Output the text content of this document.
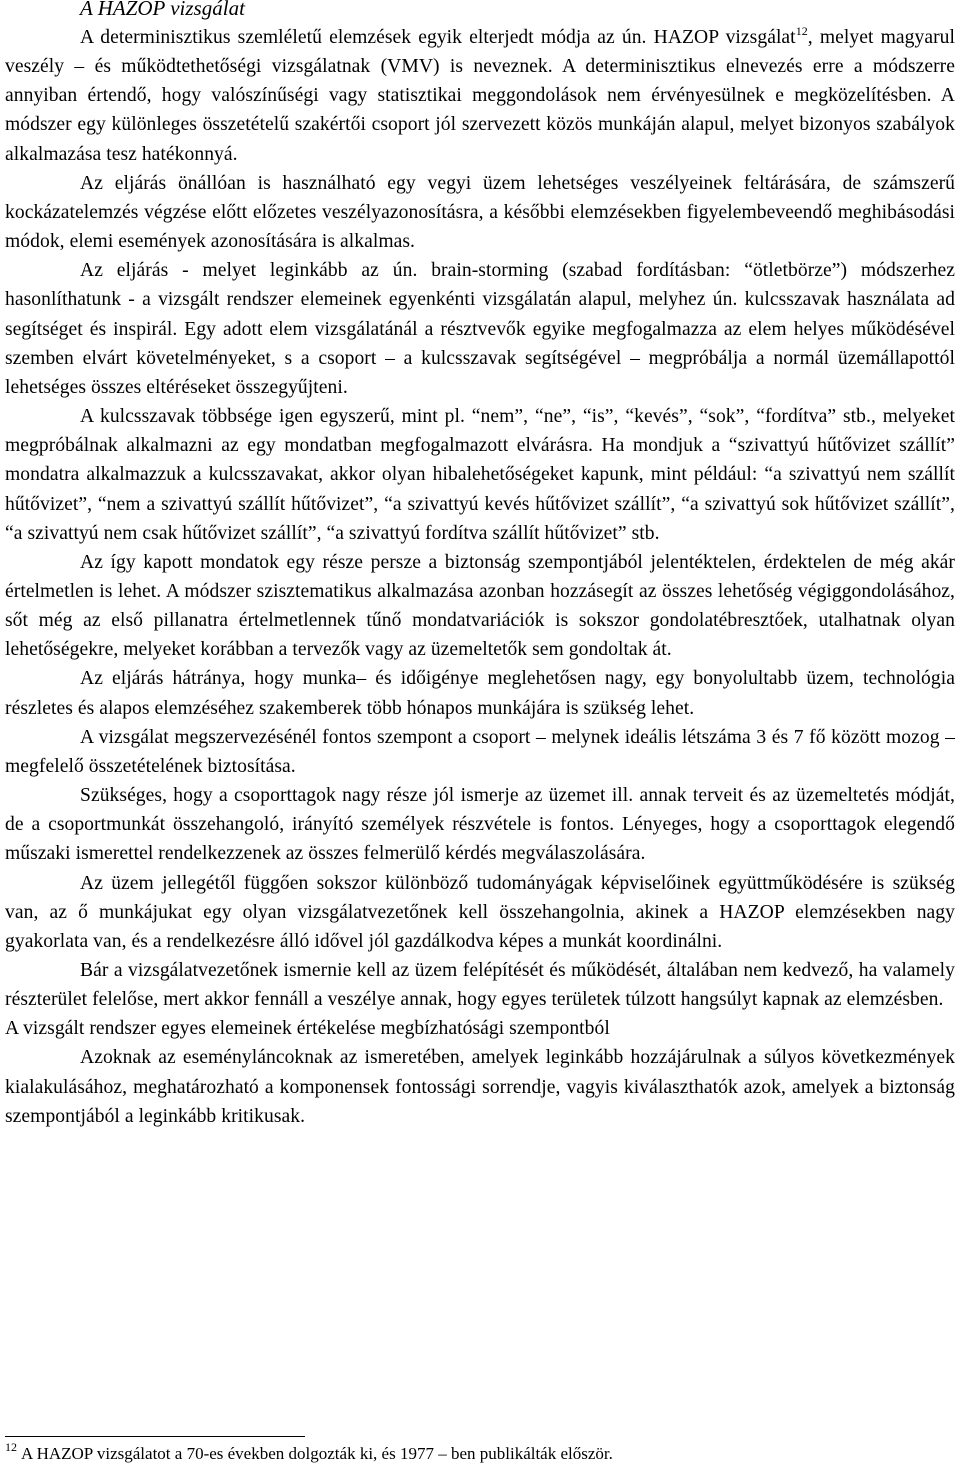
A HAZOP vizsgálat

A determinisztikus szemléletű elemzések egyik elterjedt módja az ún. HAZOP vizsgálat$^{12}$, melyet magyarul veszély – és működtethetőségi vizsgálatnak (VMV) is neveznek. A determinisztikus elnevezés erre a módszerre annyiban értendő, hogy valószínűségi vagy statisztikai meggondolások nem érvényesülnek e megközelítésben. A módszer egy különleges összetételű szakértői csoport jól szervezett közös munkáján alapul, melyet bizonyos szabályok alkalmazása tesz hatékonnyá.

Az eljárás önállóan is használható egy vegyi üzem lehetséges veszélyeinek feltárására, de számszerű kockázatelemzés végzése előtt előzetes veszélyazonosításra, a későbbi elemzésekben figyelembeveendő meghibásodási módok, elemi események azonosítására is alkalmas.

Az eljárás - melyet leginkább az ún. brain-storming (szabad fordításban: “ötletbörze”) módszerhez hasonlíthatunk - a vizsgált rendszer elemeinek egyenkénti vizsgálatán alapul, melyhez ún. kulcsszavak használata ad segítséget és inspirál. Egy adott elem vizsgálatánál a résztvevők egyike megfogalmazza az elem helyes működésével szemben elvárt követelményeket, s a csoport – a kulcsszavak segítségével – megpróbálja a normál üzemállapottól lehetséges összes eltéréseket összegyűjteni.

A kulcsszavak többsége igen egyszerű, mint pl. “nem”, “ne”, “is”, “kevés”, “sok”, “fordítva” stb., melyeket megpróbálnak alkalmazni az egy mondatban megfogalmazott elvárásra. Ha mondjuk a “szivattyú hűtővizet szállít” mondatra alkalmazzuk a kulcsszavakat, akkor olyan hibalehetőségeket kapunk, mint például: “a szivattyú nem szállít hűtővizet”, “nem a szivattyú szállít hűtővizet”, “a szivattyú kevés hűtővizet szállít”, “a szivattyú sok hűtővizet szállít”, “a szivattyú nem csak hűtővizet szállít”, “a szivattyú fordítva szállít hűtővizet” stb.

Az így kapott mondatok egy része persze a biztonság szempontjából jelentéktelen, érdektelen de még akár értelmetlen is lehet. A módszer szisztematikus alkalmazása azonban hozzásegít az összes lehetőség végiggondolásához, sőt még az első pillanatra értelmetlennek tűnő mondatvariációk is sokszor gondolatébresztőek, utalhatnak olyan lehetőségekre, melyeket korábban a tervezők vagy az üzemeltetők sem gondoltak át.

Az eljárás hátránya, hogy munka– és időigénye meglehetősen nagy, egy bonyolultabb üzem, technológia részletes és alapos elemzéséhez szakemberek több hónapos munkájára is szükség lehet.

A vizsgálat megszervezésénél fontos szempont a csoport – melynek ideális létszáma 3 és 7 fő között mozog – megfelelő összetételének biztosítása.

Szükséges, hogy a csoporttagok nagy része jól ismerje az üzemet ill. annak terveit és az üzemeltetés módját, de a csoportmunkát összehangoló, irányító személyek részvétele is fontos. Lényeges, hogy a csoporttagok elegendő műszaki ismerettel rendelkezzenek az összes felmerülő kérdés megválaszolására.

Az üzem jellegétől függően sokszor különböző tudományágak képviselőinek együttműködésére is szükség van, az ő munkájukat egy olyan vizsgálatvezetőnek kell összehangolnia, akinek a HAZOP elemzésekben nagy gyakorlata van, és a rendelkezésre álló idővel jól gazdálkodva képes a munkát koordinálni.

Bár a vizsgálatvezetőnek ismernie kell az üzem felépítését és működését, általában nem kedvező, ha valamely részterület felelőse, mert akkor fennáll a veszélye annak, hogy egyes területek túlzott hangsúlyt kapnak az elemzésben.

A vizsgált rendszer egyes elemeinek értékelése megbízhatósági szempontból

Azoknak az eseményláncoknak az ismeretében, amelyek leginkább hozzájárulnak a súlyos következmények kialakulásához, meghatározható a komponensek fontossági sorrendje, vagyis kiválaszthatók azok, amelyek a biztonság szempontjából a leginkább kritikusak.

$^{12}$ A HAZOP vizsgálatot a 70-es években dolgozták ki, és 1977 – ben publikálták először.
